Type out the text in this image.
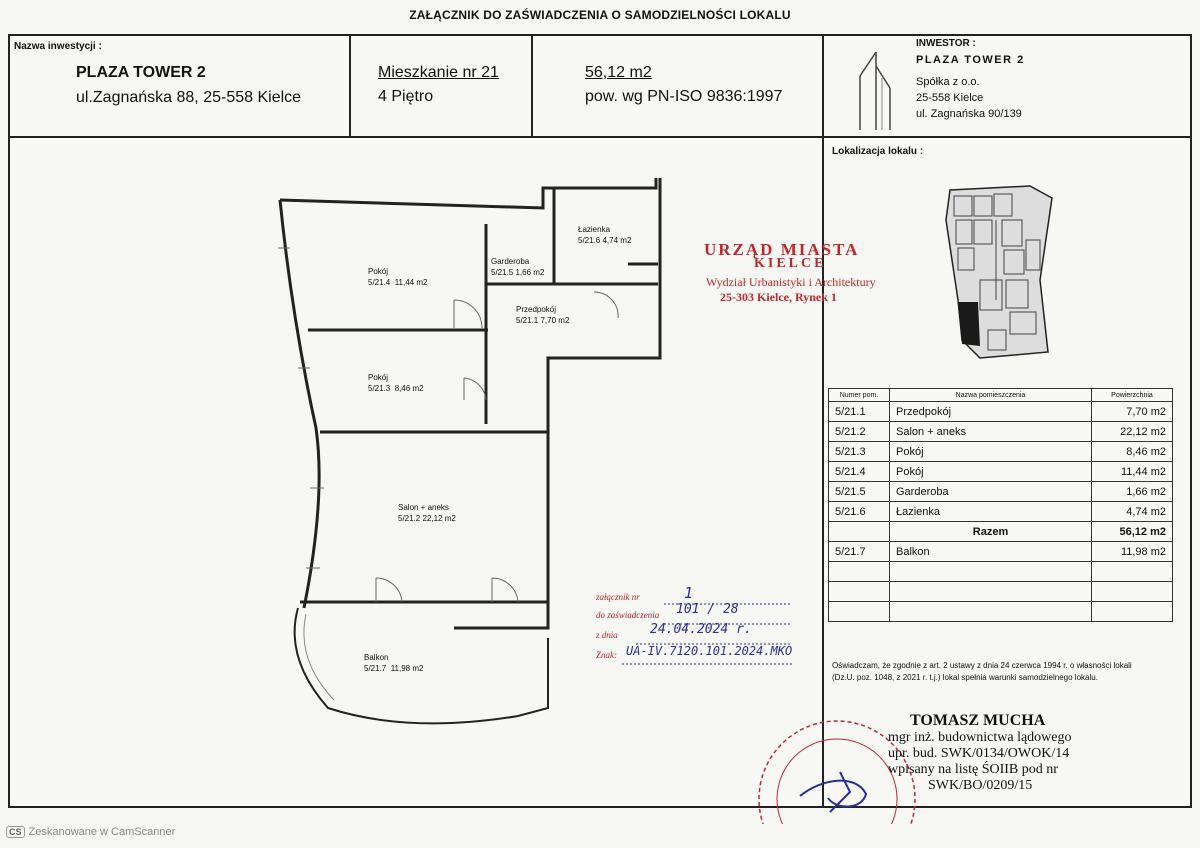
ZAŁĄCZNIK DO ZAŚWIADCZENIA O SAMODZIELNOŚCI LOKALU
Nazwa inwestycji :
PLAZA TOWER 2
ul.Zagnańska 88, 25-558 Kielce
Mieszkanie nr 21
4 Piętro
56,12 m2
pow. wg PN-ISO 9836:1997
INWESTOR :
PLAZA TOWER 2
Spółka z o.o.
25-558 Kielce
ul. Zagnańska 90/139
Lokalizacja lokalu :
Pokój
5/21.4 11,44 m2
Garderoba
5/21.5 1,66 m2
Łazienka
5/21.6 4,74 m2
Przedpokój
5/21.1 7,70 m2
Pokój
5/21.3 8,46 m2
Salon + aneks
5/21.2 22,12 m2
Balkon
5/21.7 11,98 m2
URZĄD MIASTA
KIELCE
Wydział Urbanistyki i Architektury
25-303 Kielce, Rynek 1
Numer pom.	Nazwa pomieszczenia	Powierzchnia
5/21.1	Przedpokój	7,70 m2
5/21.2	Salon + aneks	22,12 m2
5/21.3	Pokój	8,46 m2
5/21.4	Pokój	11,44 m2
5/21.5	Garderoba	1,66 m2
5/21.6	Łazienka	4,74 m2
	Razem	56,12 m2
5/21.7	Balkon	11,98 m2

załącznik nr	1
do zaświadczenia 101 / 28
z dnia 24.04.2024 r.
Znak: UA-IV.7120.101.2024.MKO
Oświadczam, że zgodnie z art. 2 ustawy z dnia 24 czerwca 1994 r. o własności lokali
(Dz.U. poz. 1048, z 2021 r. t.j.) lokal spełnia warunki samodzielnego lokalu.
TOMASZ MUCHA
mgr inż. budownictwa lądowego
upr. bud. SWK/0134/OWOK/14
wpisany na listę ŚOIIB pod nr
SWK/BO/0209/15
CS Zeskanowane w CamScanner
